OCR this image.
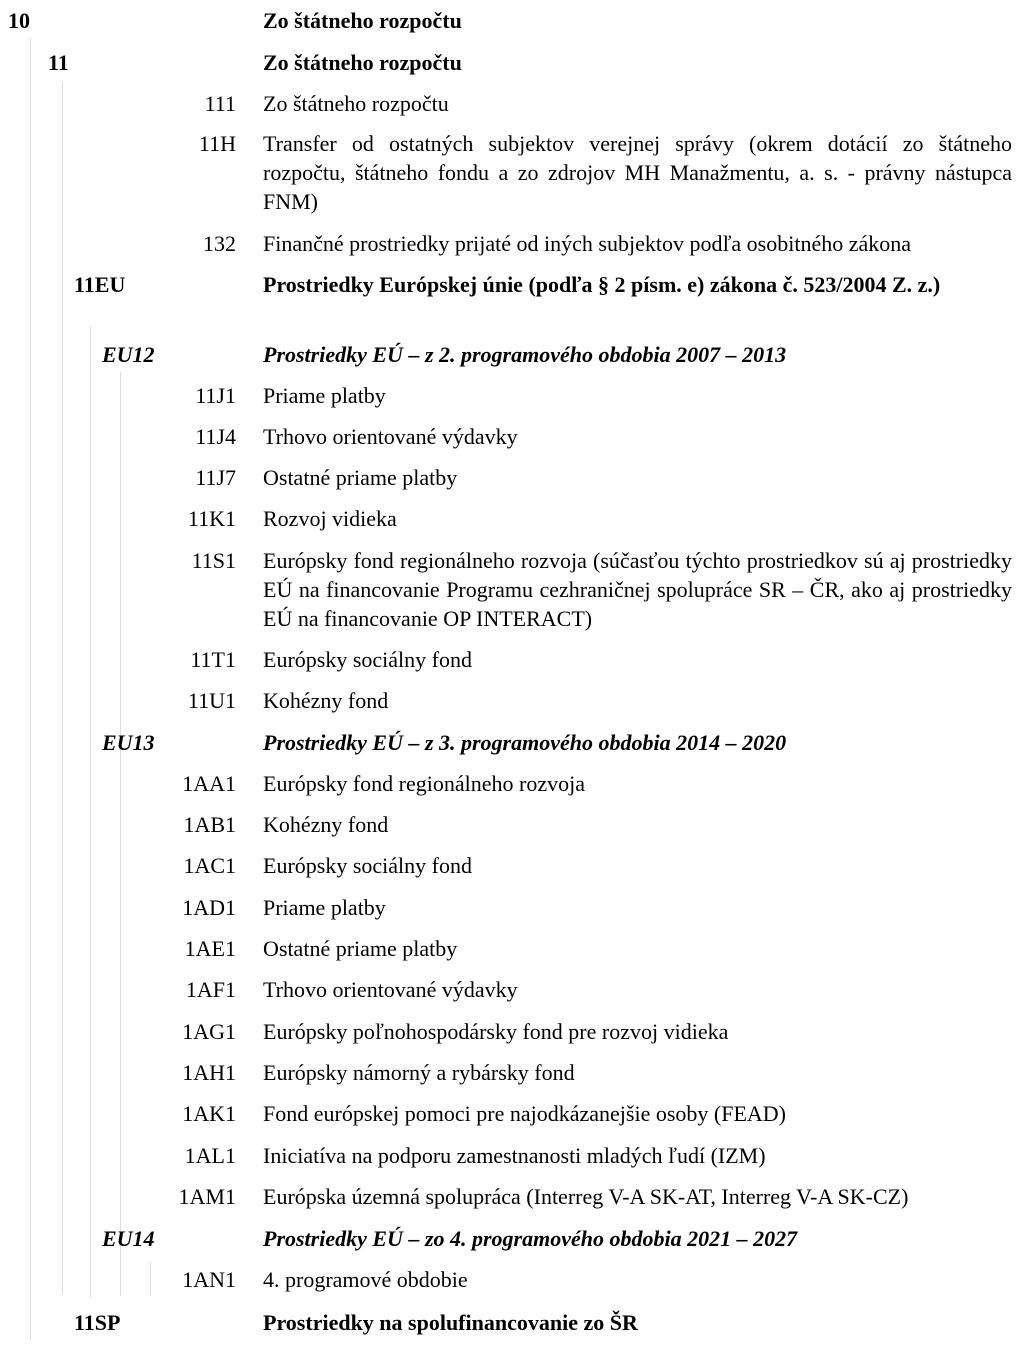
10	Zo štátneho rozpočtu
11	Zo štátneho rozpočtu
111 Zo štátneho rozpočtu
11H Transfer od ostatných subjektov verejnej správy (okrem dotácií zo štátneho rozpočtu, štátneho fondu a zo zdrojov MH Manažmentu, a. s. - právny nástupca FNM)
132 Finančné prostriedky prijaté od iných subjektov podľa osobitného zákona
11EU	Prostriedky Európskej únie (podľa § 2 písm. e) zákona č. 523/2004 Z. z.)
EU12	Prostriedky EÚ – z 2. programového obdobia 2007 – 2013
11J1 Priame platby
11J4 Trhovo orientované výdavky
11J7 Ostatné priame platby
11K1 Rozvoj vidieka
11S1 Európsky fond regionálneho rozvoja (súčasťou týchto prostriedkov sú aj prostriedky EÚ na financovanie Programu cezhraničnej spolupráce SR – ČR, ako aj prostriedky EÚ na financovanie OP INTERACT)
11T1 Európsky sociálny fond
11U1 Kohézny fond
EU13	Prostriedky EÚ – z 3. programového obdobia 2014 – 2020
1AA1 Európsky fond regionálneho rozvoja
1AB1 Kohézny fond
1AC1 Európsky sociálny fond
1AD1 Priame platby
1AE1 Ostatné priame platby
1AF1 Trhovo orientované výdavky
1AG1 Európsky poľnohospodársky fond pre rozvoj vidieka
1AH1 Európsky námorný a rybársky fond
1AK1 Fond európskej pomoci pre najodkázanejšie osoby (FEAD)
1AL1 Iniciatíva na podporu zamestnanosti mladých ľudí (IZM)
1AM1 Európska územná spolupráca (Interreg V-A SK-AT, Interreg V-A SK-CZ)
EU14	Prostriedky EÚ – zo 4. programového obdobia 2021 – 2027
1AN1 4. programové obdobie
11SP	Prostriedky na spolufinancovanie zo ŠR
